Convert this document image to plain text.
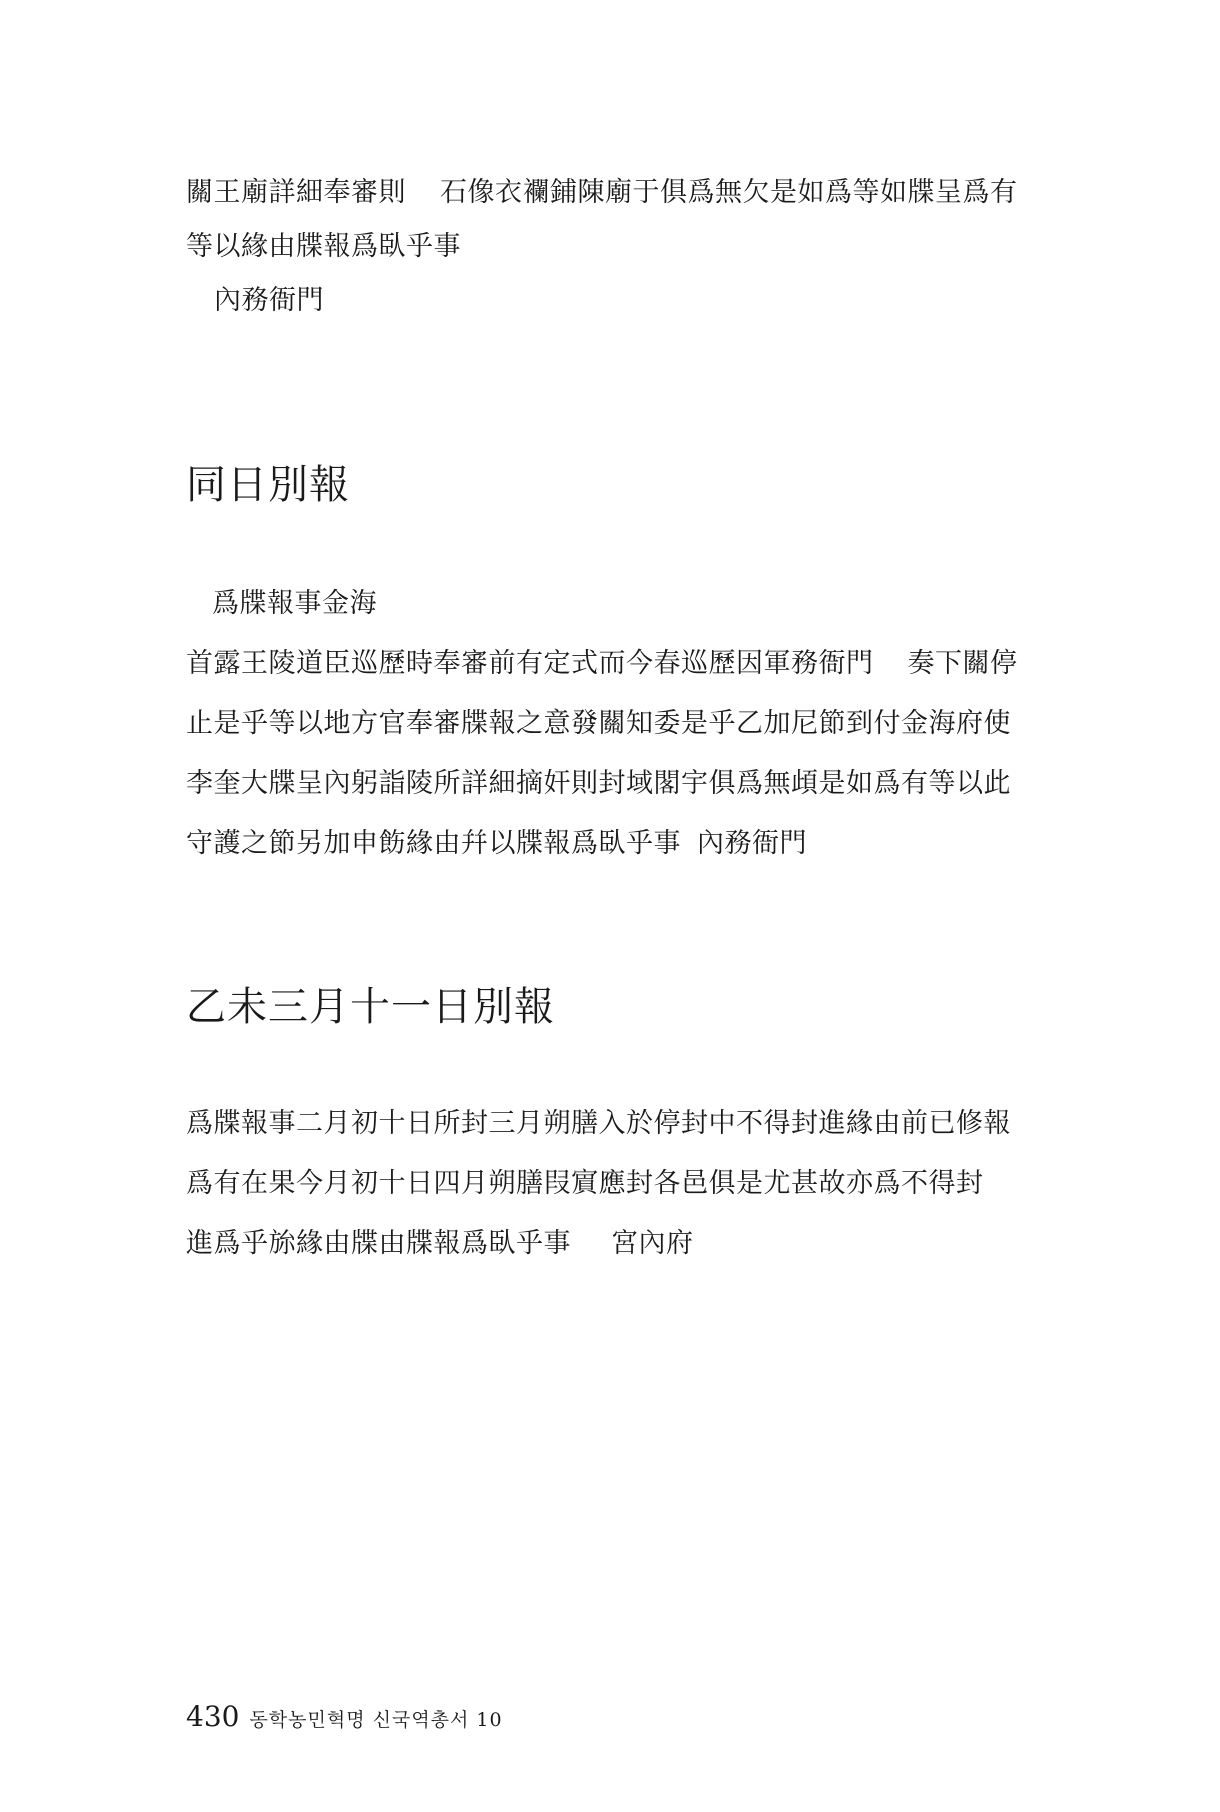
關王廟詳細奉審則 石像衣襴鋪陳廟于俱爲無欠是如爲等如牒呈爲有
等以緣由牒報爲臥乎事
內務衙門
同日別報
爲牒報事金海
首露王陵道臣巡歷時奉審前有定式而今春巡歷因軍務衙門 奏下關停
止是乎等以地方官奉審牒報之意發關知委是乎乙加尼節到付金海府使
李奎大牒呈內躬詣陵所詳細摘奸則封域閣宇俱爲無頉是如爲有等以此
守護之節另加申飭緣由幷以牒報爲臥乎事 內務衙門
乙未三月十一日別報
爲牒報事二月初十日所封三月朔膳入於停封中不得封進緣由前已修報
爲有在果今月初十日四月朔膳叚賔應封各邑俱是尤甚故亦爲不得封
進爲乎旀緣由牒由牒報爲臥乎事 宮內府
430 동학농민혁명 신국역총서 10
